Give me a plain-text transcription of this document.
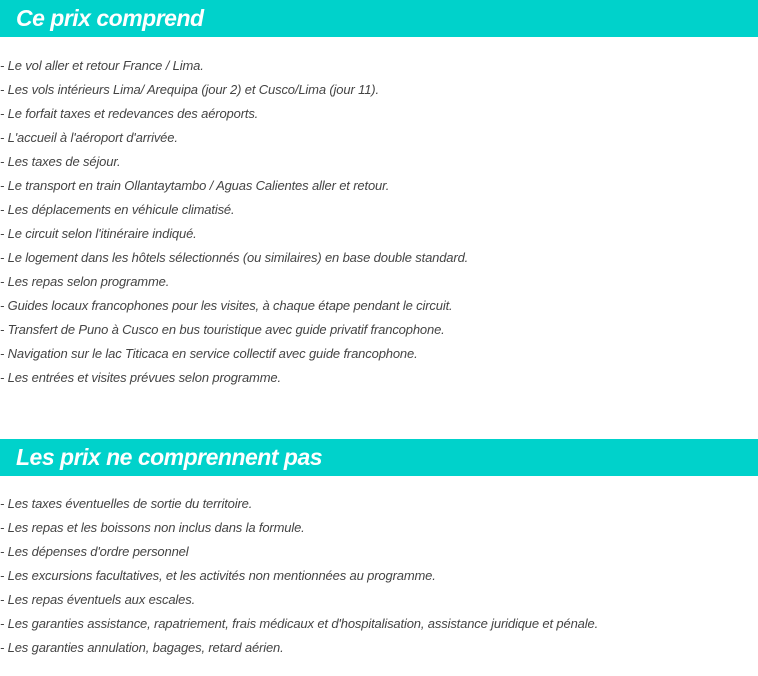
Ce prix comprend
- Le vol aller et retour France / Lima.
- Les vols intérieurs Lima/ Arequipa (jour 2) et Cusco/Lima (jour 11).
- Le forfait taxes et redevances des aéroports.
- L'accueil à l'aéroport d'arrivée.
- Les taxes de séjour.
- Le transport en train Ollantaytambo / Aguas Calientes aller et retour.
- Les déplacements en véhicule climatisé.
- Le circuit selon l'itinéraire indiqué.
- Le logement dans les hôtels sélectionnés (ou similaires) en base double standard.
- Les repas selon programme.
- Guides locaux francophones pour les visites, à chaque étape pendant le circuit.
- Transfert de Puno à Cusco en bus touristique avec guide privatif francophone.
- Navigation sur le lac Titicaca en service collectif avec guide francophone.
- Les entrées et visites prévues selon programme.
Les prix ne comprennent pas
- Les taxes éventuelles de sortie du territoire.
- Les repas et les boissons non inclus dans la formule.
- Les dépenses d'ordre personnel
- Les excursions facultatives, et les activités non mentionnées au programme.
- Les repas éventuels aux escales.
- Les garanties assistance, rapatriement, frais médicaux et d'hospitalisation, assistance juridique et pénale.
- Les garanties annulation, bagages, retard aérien.
